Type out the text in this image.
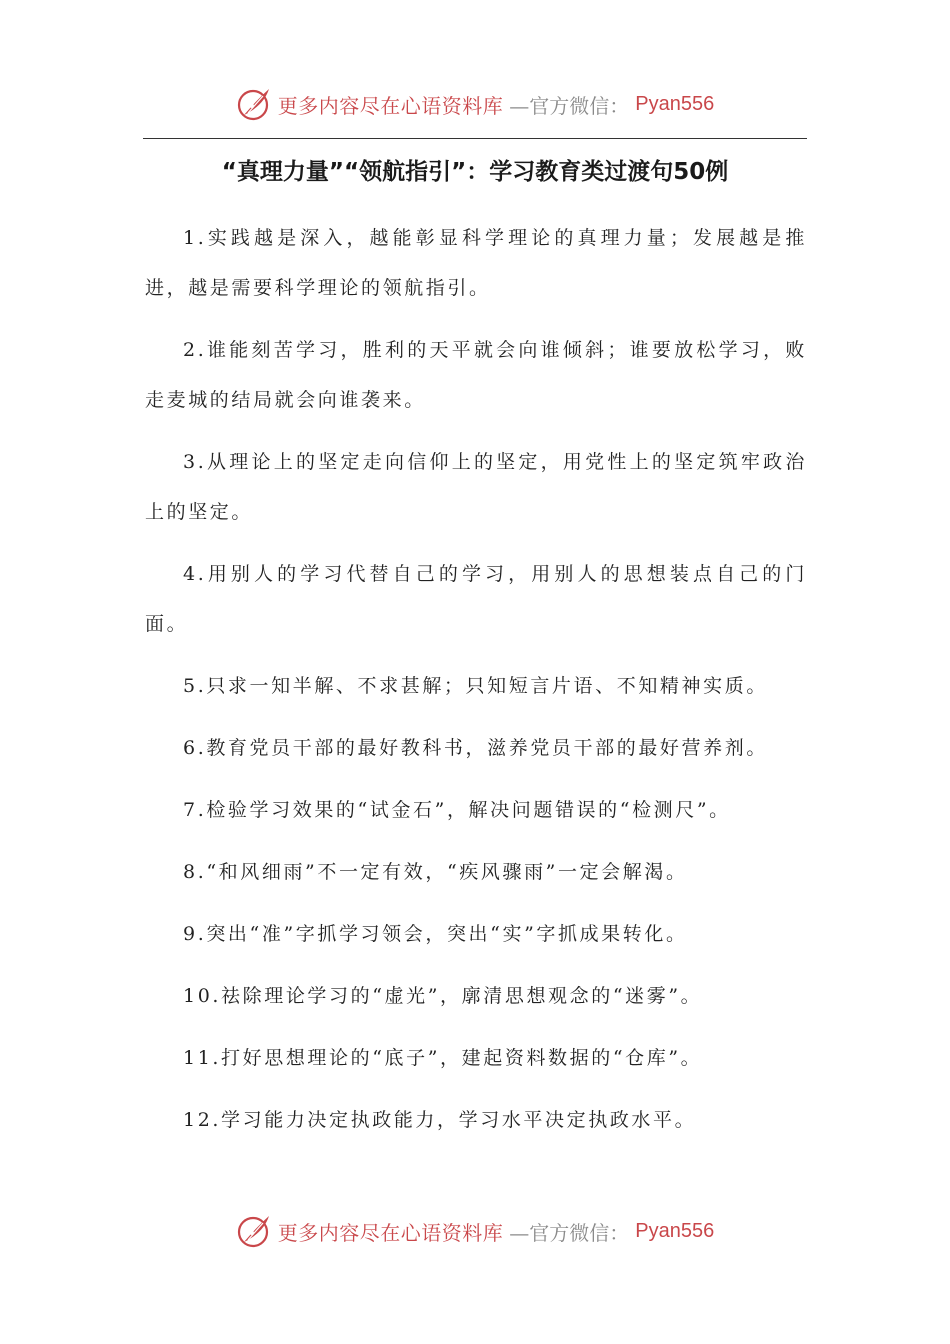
更多内容尽在心语资料库 —官方微信： Pyan556
“真理力量”“领航指引”：学习教育类过渡句50例

1.实践越是深入，越能彰显科学理论的真理力量；发展越是推进，越是需要科学理论的领航指引。

2.谁能刻苦学习，胜利的天平就会向谁倾斜；谁要放松学习，败走麦城的结局就会向谁袭来。

3.从理论上的坚定走向信仰上的坚定，用党性上的坚定筑牢政治上的坚定。

4.用别人的学习代替自己的学习，用别人的思想装点自己的门面。

5.只求一知半解、不求甚解；只知短言片语、不知精神实质。

6.教育党员干部的最好教科书，滋养党员干部的最好营养剂。

7.检验学习效果的“试金石”，解决问题错误的“检测尺”。

8.“和风细雨”不一定有效，“疾风骤雨”一定会解渴。

9.突出“准”字抓学习领会，突出“实”字抓成果转化。

10.祛除理论学习的“虚光”，廓清思想观念的“迷雾”。

11.打好思想理论的“底子”，建起资料数据的“仓库”。

12.学习能力决定执政能力，学习水平决定执政水平。

更多内容尽在心语资料库 —官方微信： Pyan556
